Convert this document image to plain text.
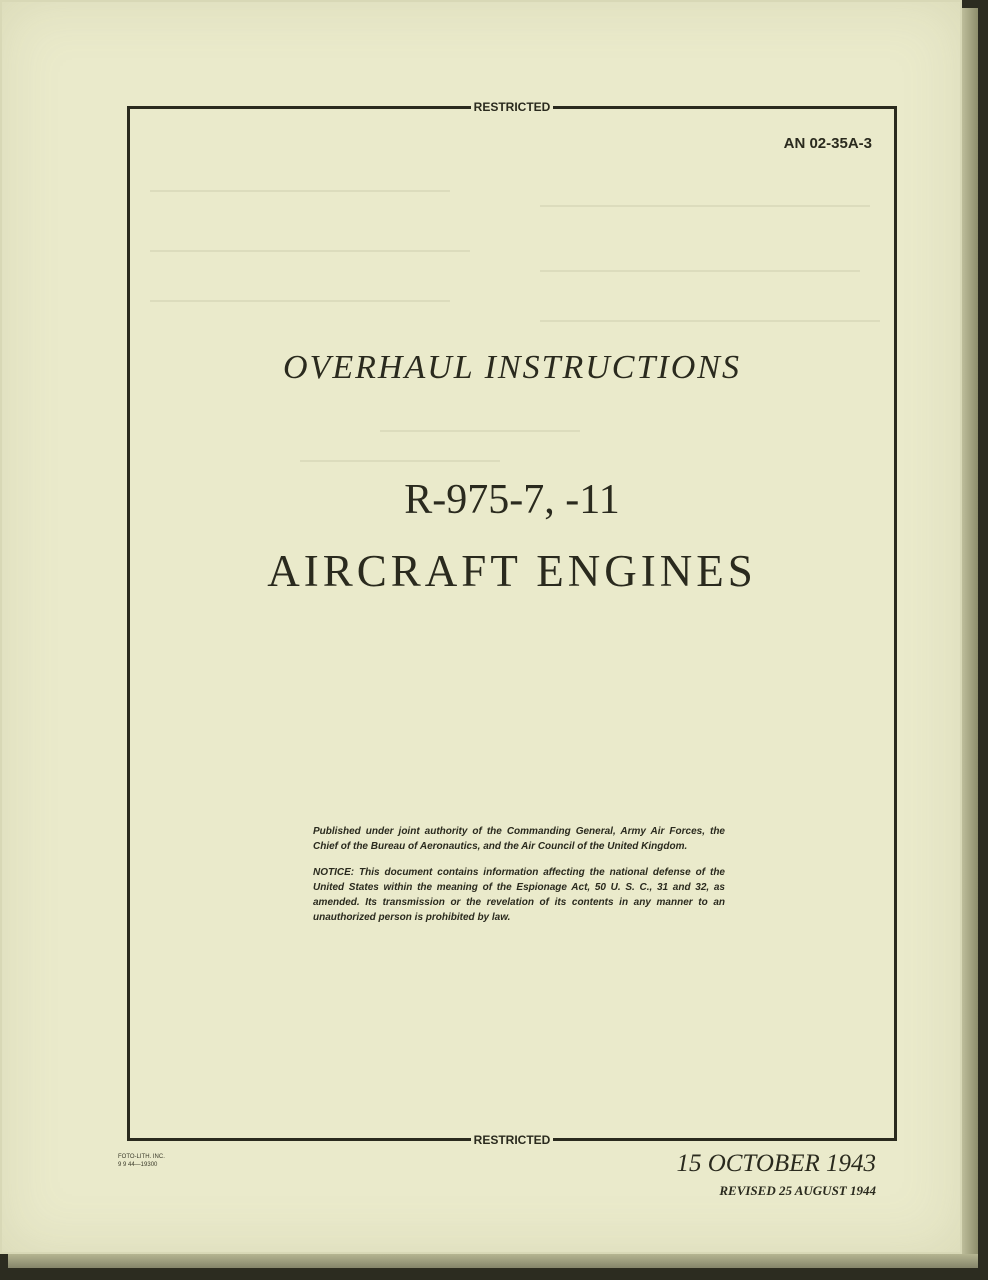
RESTRICTED
AN 02-35A-3
OVERHAUL INSTRUCTIONS
R-975-7, -11
AIRCRAFT ENGINES

Published under joint authority of the Commanding General, Army Air Forces, the Chief of the Bureau of Aeronautics, and the Air Council of the United Kingdom.

NOTICE: This document contains information affecting the national defense of the United States within the meaning of the Espionage Act, 50 U. S. C., 31 and 32, as amended. Its transmission or the revelation of its contents in any manner to an unauthorized person is prohibited by law.

RESTRICTED
FOTO-LITH. INC.
9 9 44—19300	15 OCTOBER 1943
REVISED 25 AUGUST 1944
